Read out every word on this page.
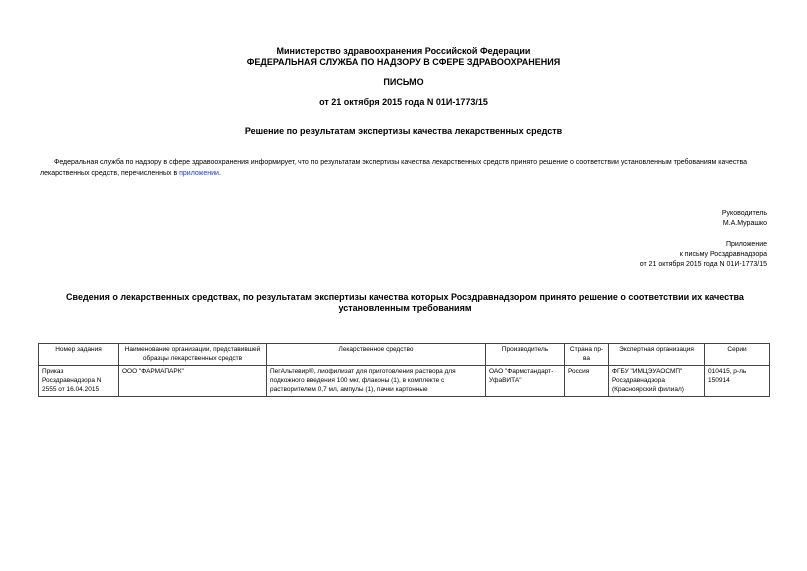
Министерство здравоохранения Российской Федерации
ФЕДЕРАЛЬНАЯ СЛУЖБА ПО НАДЗОРУ В СФЕРЕ ЗДРАВООХРАНЕНИЯ
ПИСЬМО
от 21 октября 2015 года N 01И-1773/15
Решение по результатам экспертизы качества лекарственных средств
Федеральная служба по надзору в сфере здравоохранения информирует, что по результатам экспертизы качества лекарственных средств принято решение о соответствии установленным требованиям качества лекарственных средств, перечисленных в приложении.
Руководитель
М.А.Мурашко
Приложение
к письму Росздравнадзора
от 21 октября 2015 года N 01И-1773/15
Сведения о лекарственных средствах, по результатам экспертизы качества которых Росздравнадзором принято решение о соответствии их качества установленным требованиям
Номер задания	Наименование организации, представившей образцы лекарственных средств	Лекарственное средство	Производитель	Страна пр-ва	Экспертная организация	Серии
Приказ Росздравнадзора N 2555 от 16.04.2015	ООО "ФАРМАПАРК"	ПегАльтевир®, лиофилизат для приготовления раствора для подкожного введения 100 мкг, флаконы (1), в комплекте с растворителем 0,7 мл, ампулы (1), пачки картонные	ОАО "Фармстандарт-УфаВИТА"	Россия	ФГБУ "ИМЦЭУАОСМП" Росздравнадзора (Красноярский филиал)	010415, р-ль 150914
